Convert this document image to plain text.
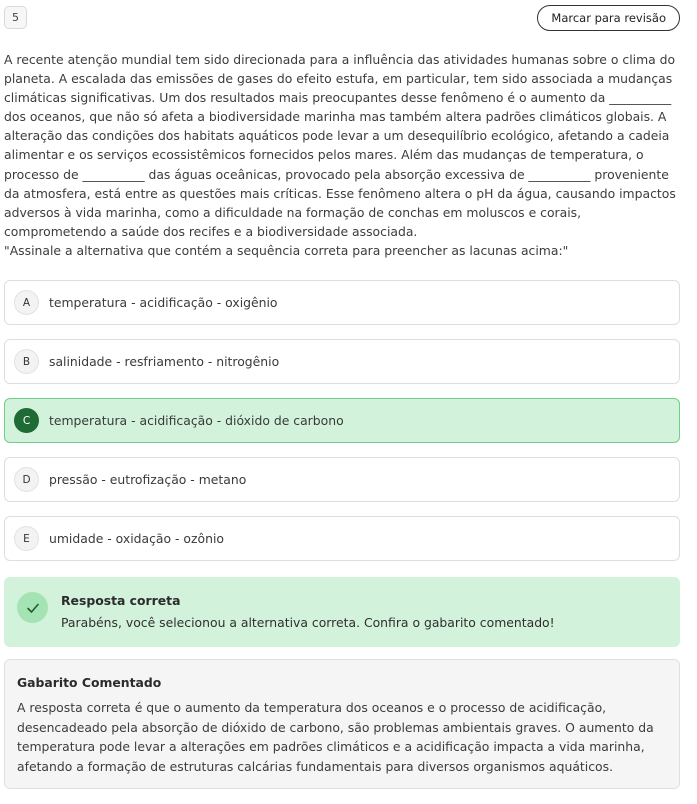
5	Marcar para revisão

A recente atenção mundial tem sido direcionada para a influência das atividades humanas sobre o clima do planeta. A escalada das emissões de gases do efeito estufa, em particular, tem sido associada a mudanças climáticas significativas. Um dos resultados mais preocupantes desse fenômeno é o aumento da __________ dos oceanos, que não só afeta a biodiversidade marinha mas também altera padrões climáticos globais. A alteração das condições dos habitats aquáticos pode levar a um desequilíbrio ecológico, afetando a cadeia alimentar e os serviços ecossistêmicos fornecidos pelos mares. Além das mudanças de temperatura, o processo de __________ das águas oceânicas, provocado pela absorção excessiva de __________ proveniente da atmosfera, está entre as questões mais críticas. Esse fenômeno altera o pH da água, causando impactos adversos à vida marinha, como a dificuldade na formação de conchas em moluscos e corais, comprometendo a saúde dos recifes e a biodiversidade associada.

"Assinale a alternativa que contém a sequência correta para preencher as lacunas acima:"

A	temperatura - acidificação - oxigênio
B	salinidade - resfriamento - nitrogênio
C	temperatura - acidificação - dióxido de carbono
D	pressão - eutrofização - metano
E	umidade - oxidação - ozônio
Resposta correta
Parabéns, você selecionou a alternativa correta. Confira o gabarito comentado!
Gabarito Comentado

A resposta correta é que o aumento da temperatura dos oceanos e o processo de acidificação, desencadeado pela absorção de dióxido de carbono, são problemas ambientais graves. O aumento da temperatura pode levar a alterações em padrões climáticos e a acidificação impacta a vida marinha, afetando a formação de estruturas calcárias fundamentais para diversos organismos aquáticos.
